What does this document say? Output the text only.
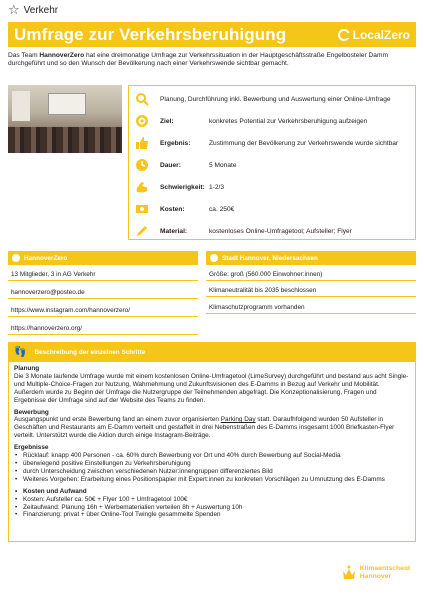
☆ Verkehr
Umfrage zur Verkehrsberuhigung	LocalZero

Das Team HannoverZero hat eine dreimonatige Umfrage zur Verkehrssituation in der Hauptgeschäftsstraße Engelbosteler Damm durchgeführt und so den Wunsch der Bevölkerung nach einer Verkehrswende sichtbar gemacht.

Planung, Durchführung inkl. Bewerbung und Auswertung einer Online-Umfrage
Ziel:	konkretes Potential zur Verkehrsberuhigung aufzeigen
Ergebnis:	Zustimmung der Bevölkerung zur Verkehrswende wurde sichtbar
Dauer:	5 Monate
Schwierigkeit: 1-2/3
Kosten:	ca. 250€
Material:	kostenloses Online-Umfragetool; Aufsteller; Flyer
HannoverZero
13 Mitglieder, 3 in AG Verkehr
hannoverzero@posteo.de
https://www.instagram.com/hannoverzero/
https://hannoverzero.org/
Stadt Hannover, Niedersachsen
Größe: groß (560.000 Einwohner:innen)
Klimaneutralität bis 2035 beschlossen
Klimaschutzprogramm vorhanden
👣 Beschreibung der einzelnen Schritte
Planung
Die 3 Monate laufende Umfrage wurde mit einem kostenlosen Online-Umfragetool (LimeSurvey) durchgeführt und bestand aus acht Single- und Multiple-Choice-Fragen zur Nutzung, Wahrnehmung und Zukunftsvisionen des E-Damms in Bezug auf Verkehr und Mobilität. Außerdem wurde zu Beginn der Umfrage die Nutzergruppe der Teilnehmenden abgefragt. Die Konzeptionalisierung, Fragen und Ergebnisse der Umfrage sind auf der Website des Teams zu finden.
Bewerbung
Ausgangspunkt und erste Bewerbung fand an einem zuvor organisierten Parking Day statt. Daraufhfolgend wurden 50 Aufsteller in Geschäften und Restaurants am E-Damm verteilt und gestaffelt in drei Nebenstraßen des E-Damms insgesamt 1000 Briefkasten-Flyer verteilt. Unterstützt wurde die Aktion durch einige Instagram-Beiträge.
Ergebnisse
• Rücklauf: knapp 400 Personen - ca. 60% durch Bewerbung vor Ort und 40% durch Bewerbung auf Social-Media
• überwiegend positive Einstellungen zu Verkehrsberuhigung
• durch Unterscheidung zwischen verschiedenen Nutzer:innengruppen differenziertes Bild
• Weiteres Vorgehen: Erarbeitung eines Positionspapier mit Expert:innen zu konkreten Vorschlägen zu Umnutzung des E-Damms
• Kosten und Aufwand
• Kosten: Aufsteller ca. 50€ + Flyer 100 + Umfragetool 100€
• Zeitaufwand: Planung 16h + Werbematerialien verteilen 8h + Auswertung 10h
• Finanzierung: privat + über Online-Tool Twingle gesammelte Spenden
Klimaentscheid
Hannover
